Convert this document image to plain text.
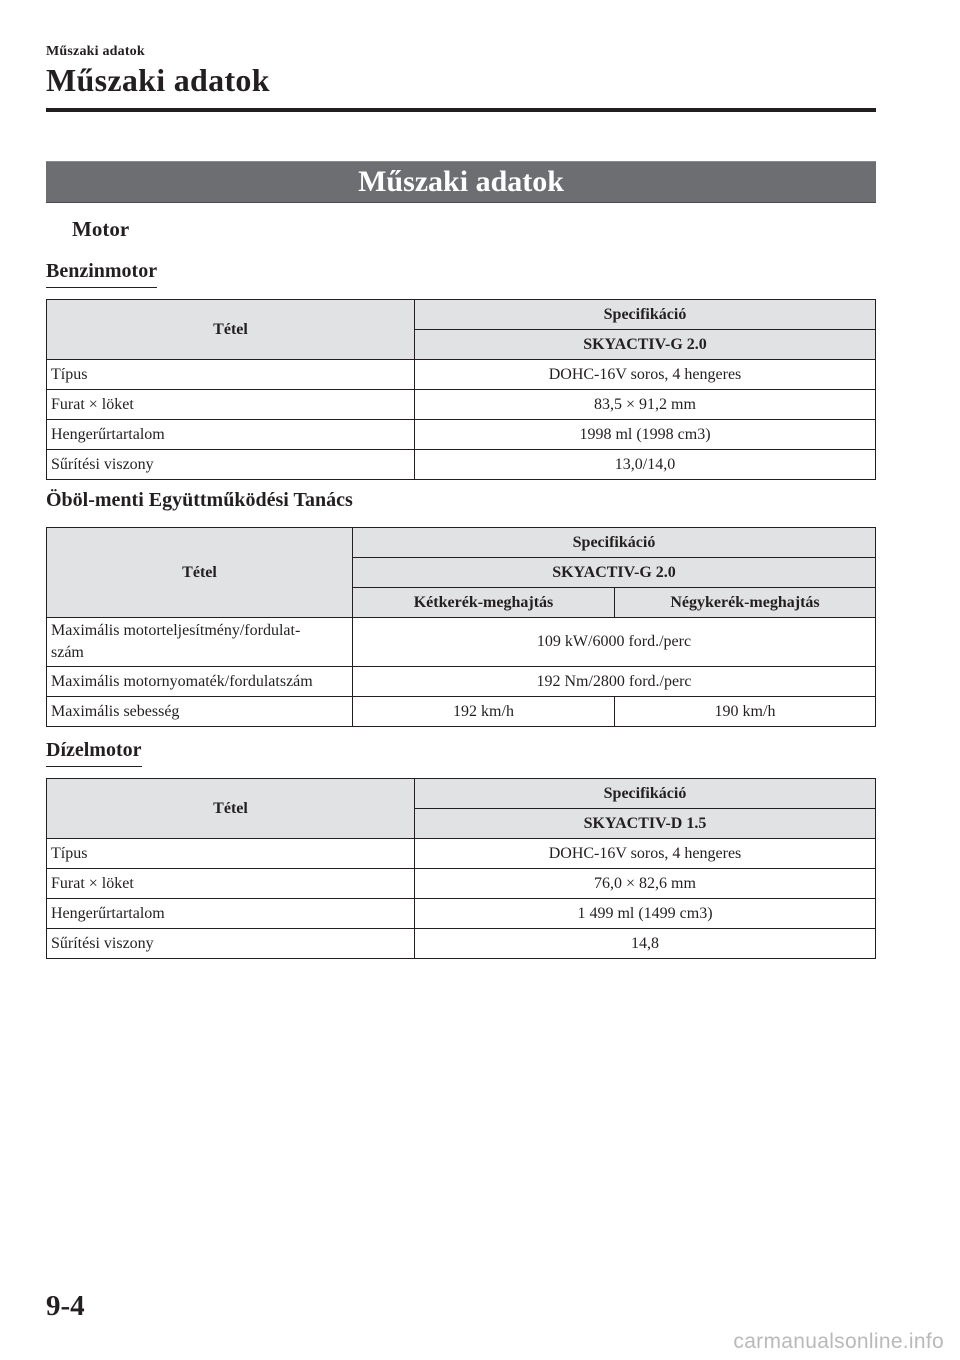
Műszaki adatok
Műszaki adatok
Műszaki adatok
Motor
Benzinmotor
Tétel	Specifikáció
	SKYACTIV-G 2.0
Típus	DOHC-16V soros, 4 hengeres
Furat × löket	83,5 × 91,2 mm
Hengerűrtartalom	1998 ml (1998 cm3)
Sűrítési viszony	13,0/14,0
Öböl-menti Együttműködési Tanács
Tétel	Specifikáció	
	SKYACTIV-G 2.0	
	Kétkerék-meghajtás	Négykerék-meghajtás
Maximális motorteljesítmény/fordulat-
szám	109 kW/6000 ford./perc	
Maximális motornyomaték/fordulatszám	192 Nm/2800 ford./perc	
Maximális sebesség	192 km/h	190 km/h
Dízelmotor
Tétel	Specifikáció
	SKYACTIV-D 1.5
Típus	DOHC-16V soros, 4 hengeres
Furat × löket	76,0 × 82,6 mm
Hengerűrtartalom	1 499 ml (1499 cm3)
Sűrítési viszony	14,8
9-4
carmanualsonline.info
